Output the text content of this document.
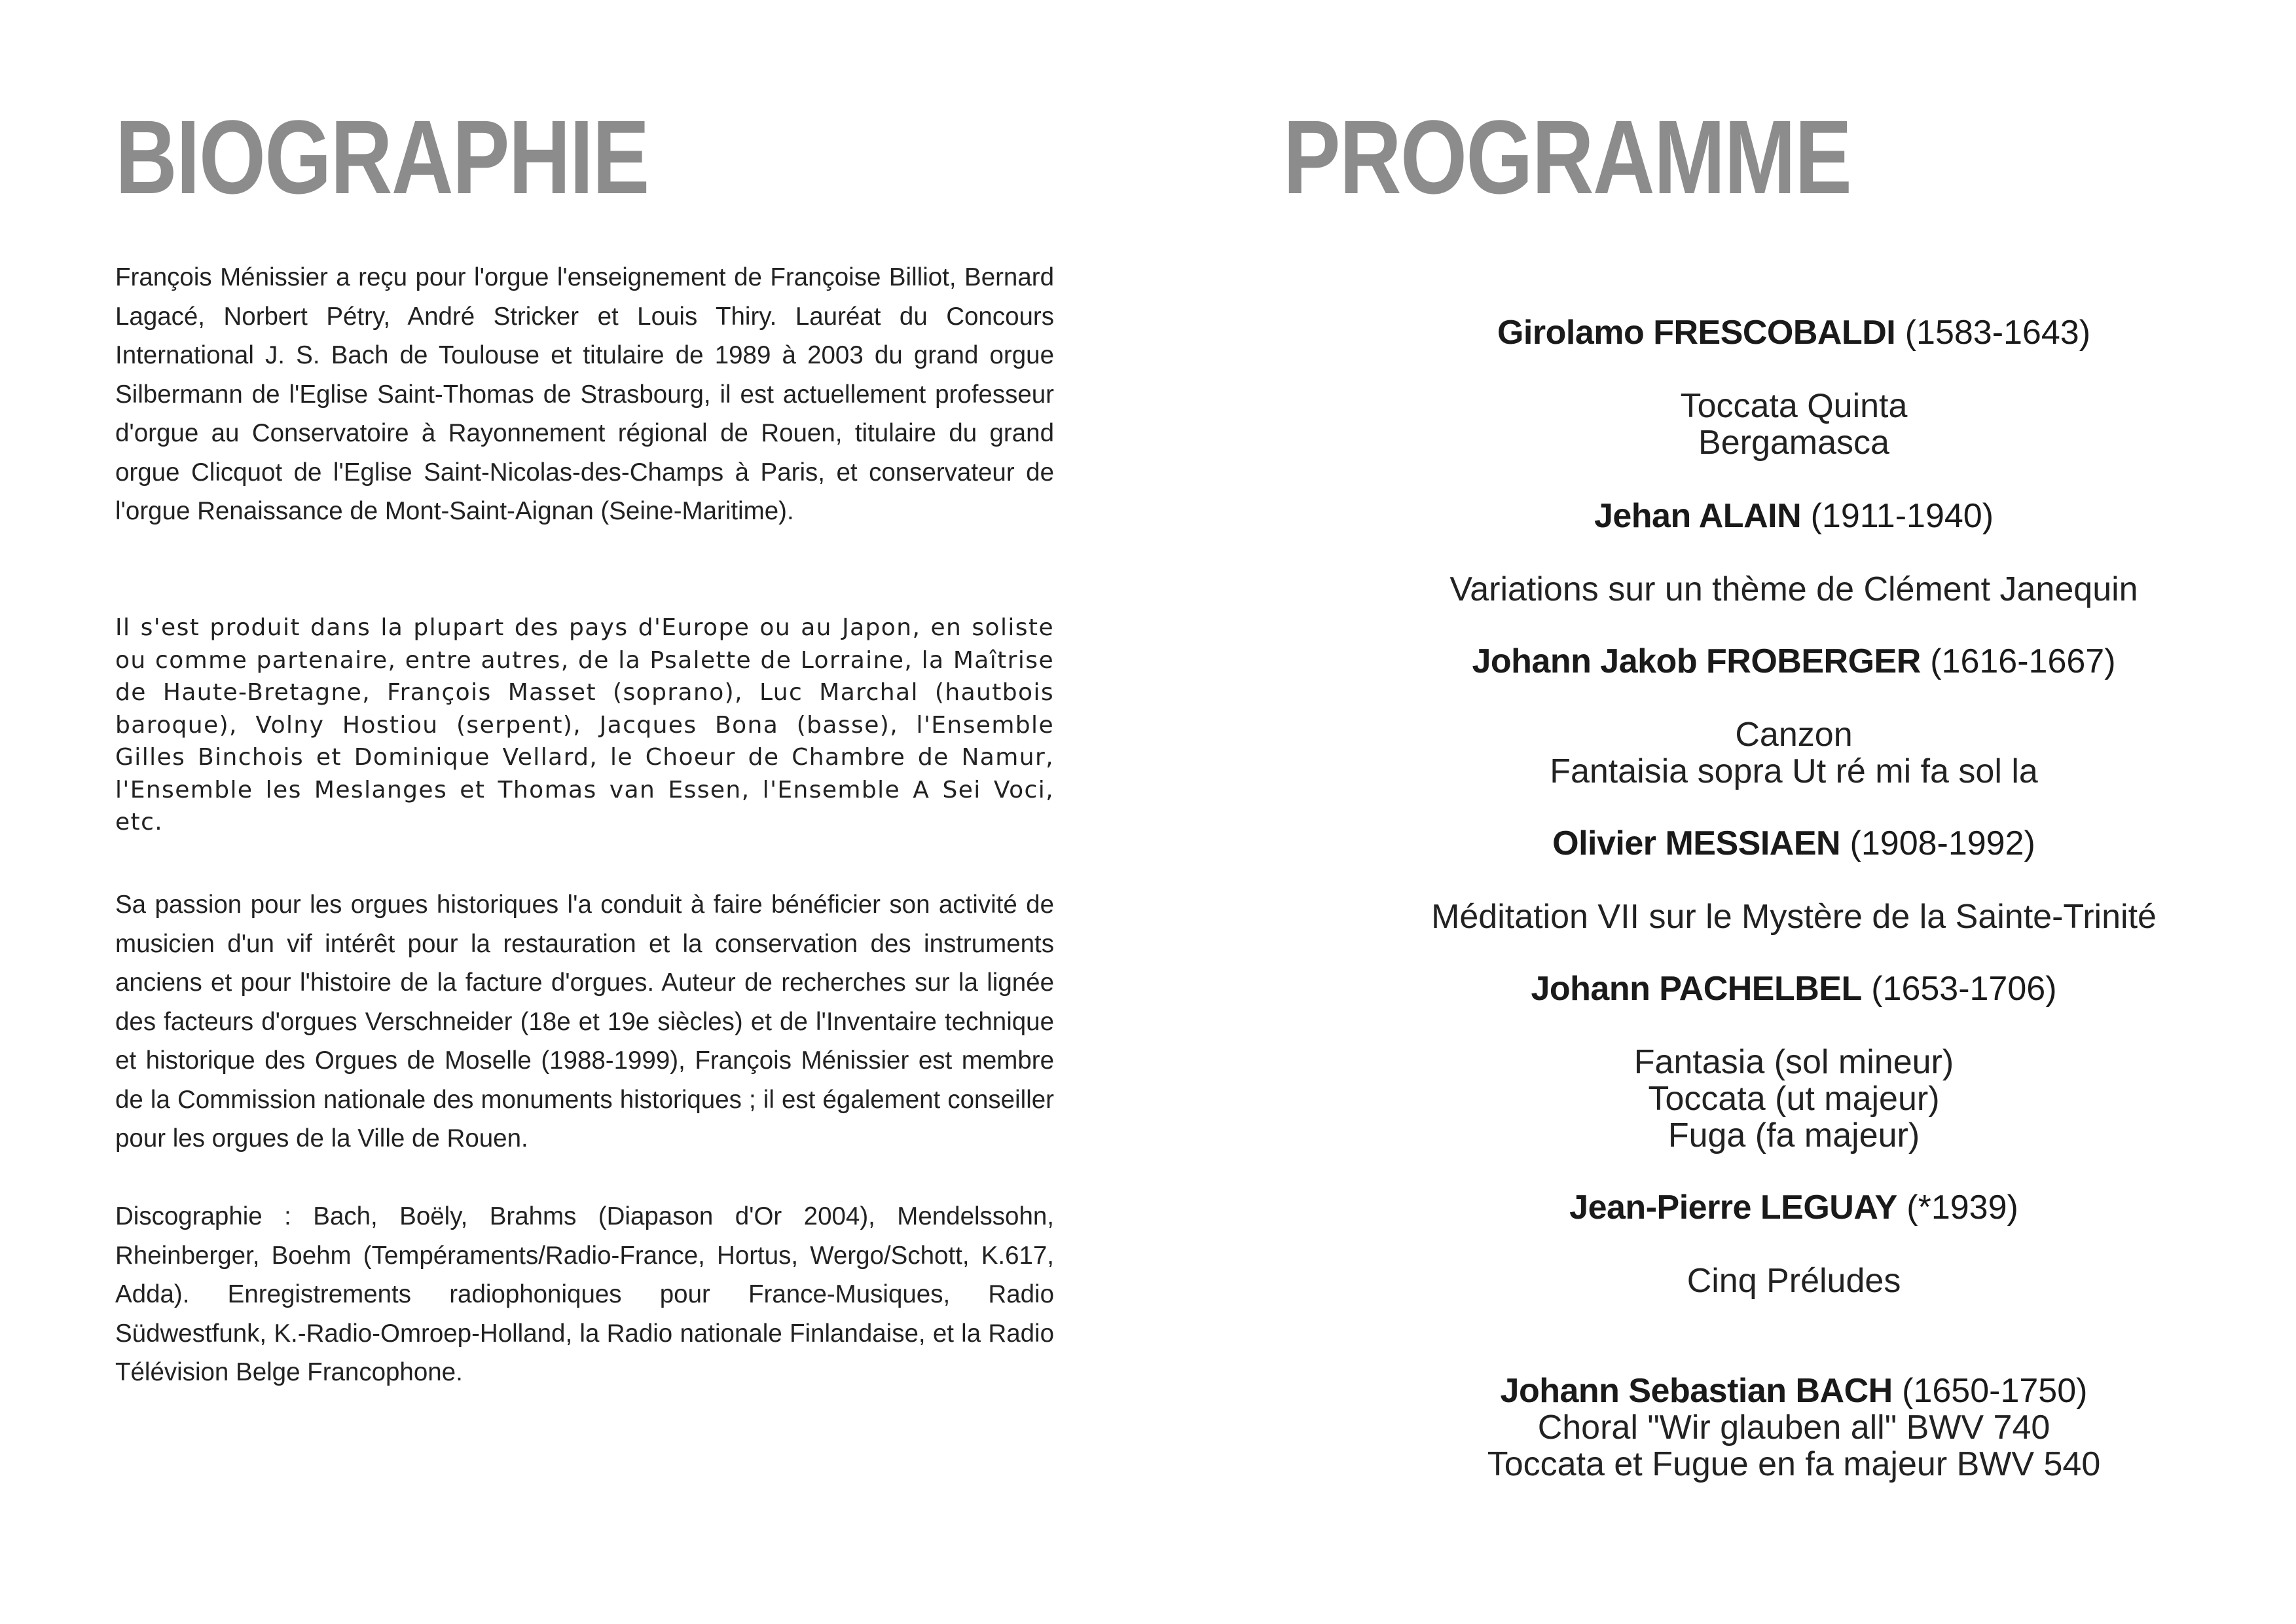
BIOGRAPHIE

François Ménissier a reçu pour l'orgue l'enseignement de Françoise Billiot, Bernard Lagacé, Norbert Pétry, André Stricker et Louis Thiry. Lauréat du Concours International J. S. Bach de Toulouse et titulaire de 1989 à 2003 du grand orgue Silbermann de l'Eglise Saint-Thomas de Strasbourg, il est actuellement professeur d'orgue au Conservatoire à Rayonnement régional de Rouen, titulaire du grand orgue Clicquot de l'Eglise Saint-Nicolas-des-Champs à Paris, et conservateur de l'orgue Renaissance de Mont-Saint-Aignan (Seine-Maritime).

Il s'est produit dans la plupart des pays d'Europe ou au Japon, en soliste ou comme partenaire, entre autres, de la Psalette de Lorraine, la Maîtrise de Haute-Bretagne, François Masset (soprano), Luc Marchal (hautbois baroque), Volny Hostiou (serpent), Jacques Bona (basse), l'Ensemble Gilles Binchois et Dominique Vellard, le Choeur de Chambre de Namur, l'Ensemble les Meslanges et Thomas van Essen, l'Ensemble A Sei Voci, etc.

Sa passion pour les orgues historiques l'a conduit à faire bénéficier son activité de musicien d'un vif intérêt pour la restauration et la conservation des instruments anciens et pour l'histoire de la facture d'orgues. Auteur de recherches sur la lignée des facteurs d'orgues Verschneider (18e et 19e siècles) et de l'Inventaire technique et historique des Orgues de Moselle (1988-1999), François Ménissier est membre de la Commission nationale des monuments historiques ; il est également conseiller pour les orgues de la Ville de Rouen.

Discographie : Bach, Boëly, Brahms (Diapason d'Or 2004), Mendelssohn, Rheinberger, Boehm (Tempéraments/Radio-France, Hortus, Wergo/Schott, K.617, Adda). Enregistrements radiophoniques pour France-Musiques, Radio Südwestfunk, K.-Radio-Omroep-Holland, la Radio nationale Finlandaise, et la Radio Télévision Belge Francophone.

PROGRAMME
Girolamo FRESCOBALDI (1583-1643)
Toccata Quinta
Bergamasca
Jehan ALAIN (1911-1940)
Variations sur un thème de Clément Janequin
Johann Jakob FROBERGER (1616-1667)
Canzon
Fantaisia sopra Ut ré mi fa sol la
Olivier MESSIAEN (1908-1992)
Méditation VII sur le Mystère de la Sainte-Trinité
Johann PACHELBEL (1653-1706)
Fantasia (sol mineur)
Toccata (ut majeur)
Fuga (fa majeur)
Jean-Pierre LEGUAY (*1939)
Cinq Préludes
Johann Sebastian BACH (1650-1750)
Choral "Wir glauben all" BWV 740
Toccata et Fugue en fa majeur BWV 540
